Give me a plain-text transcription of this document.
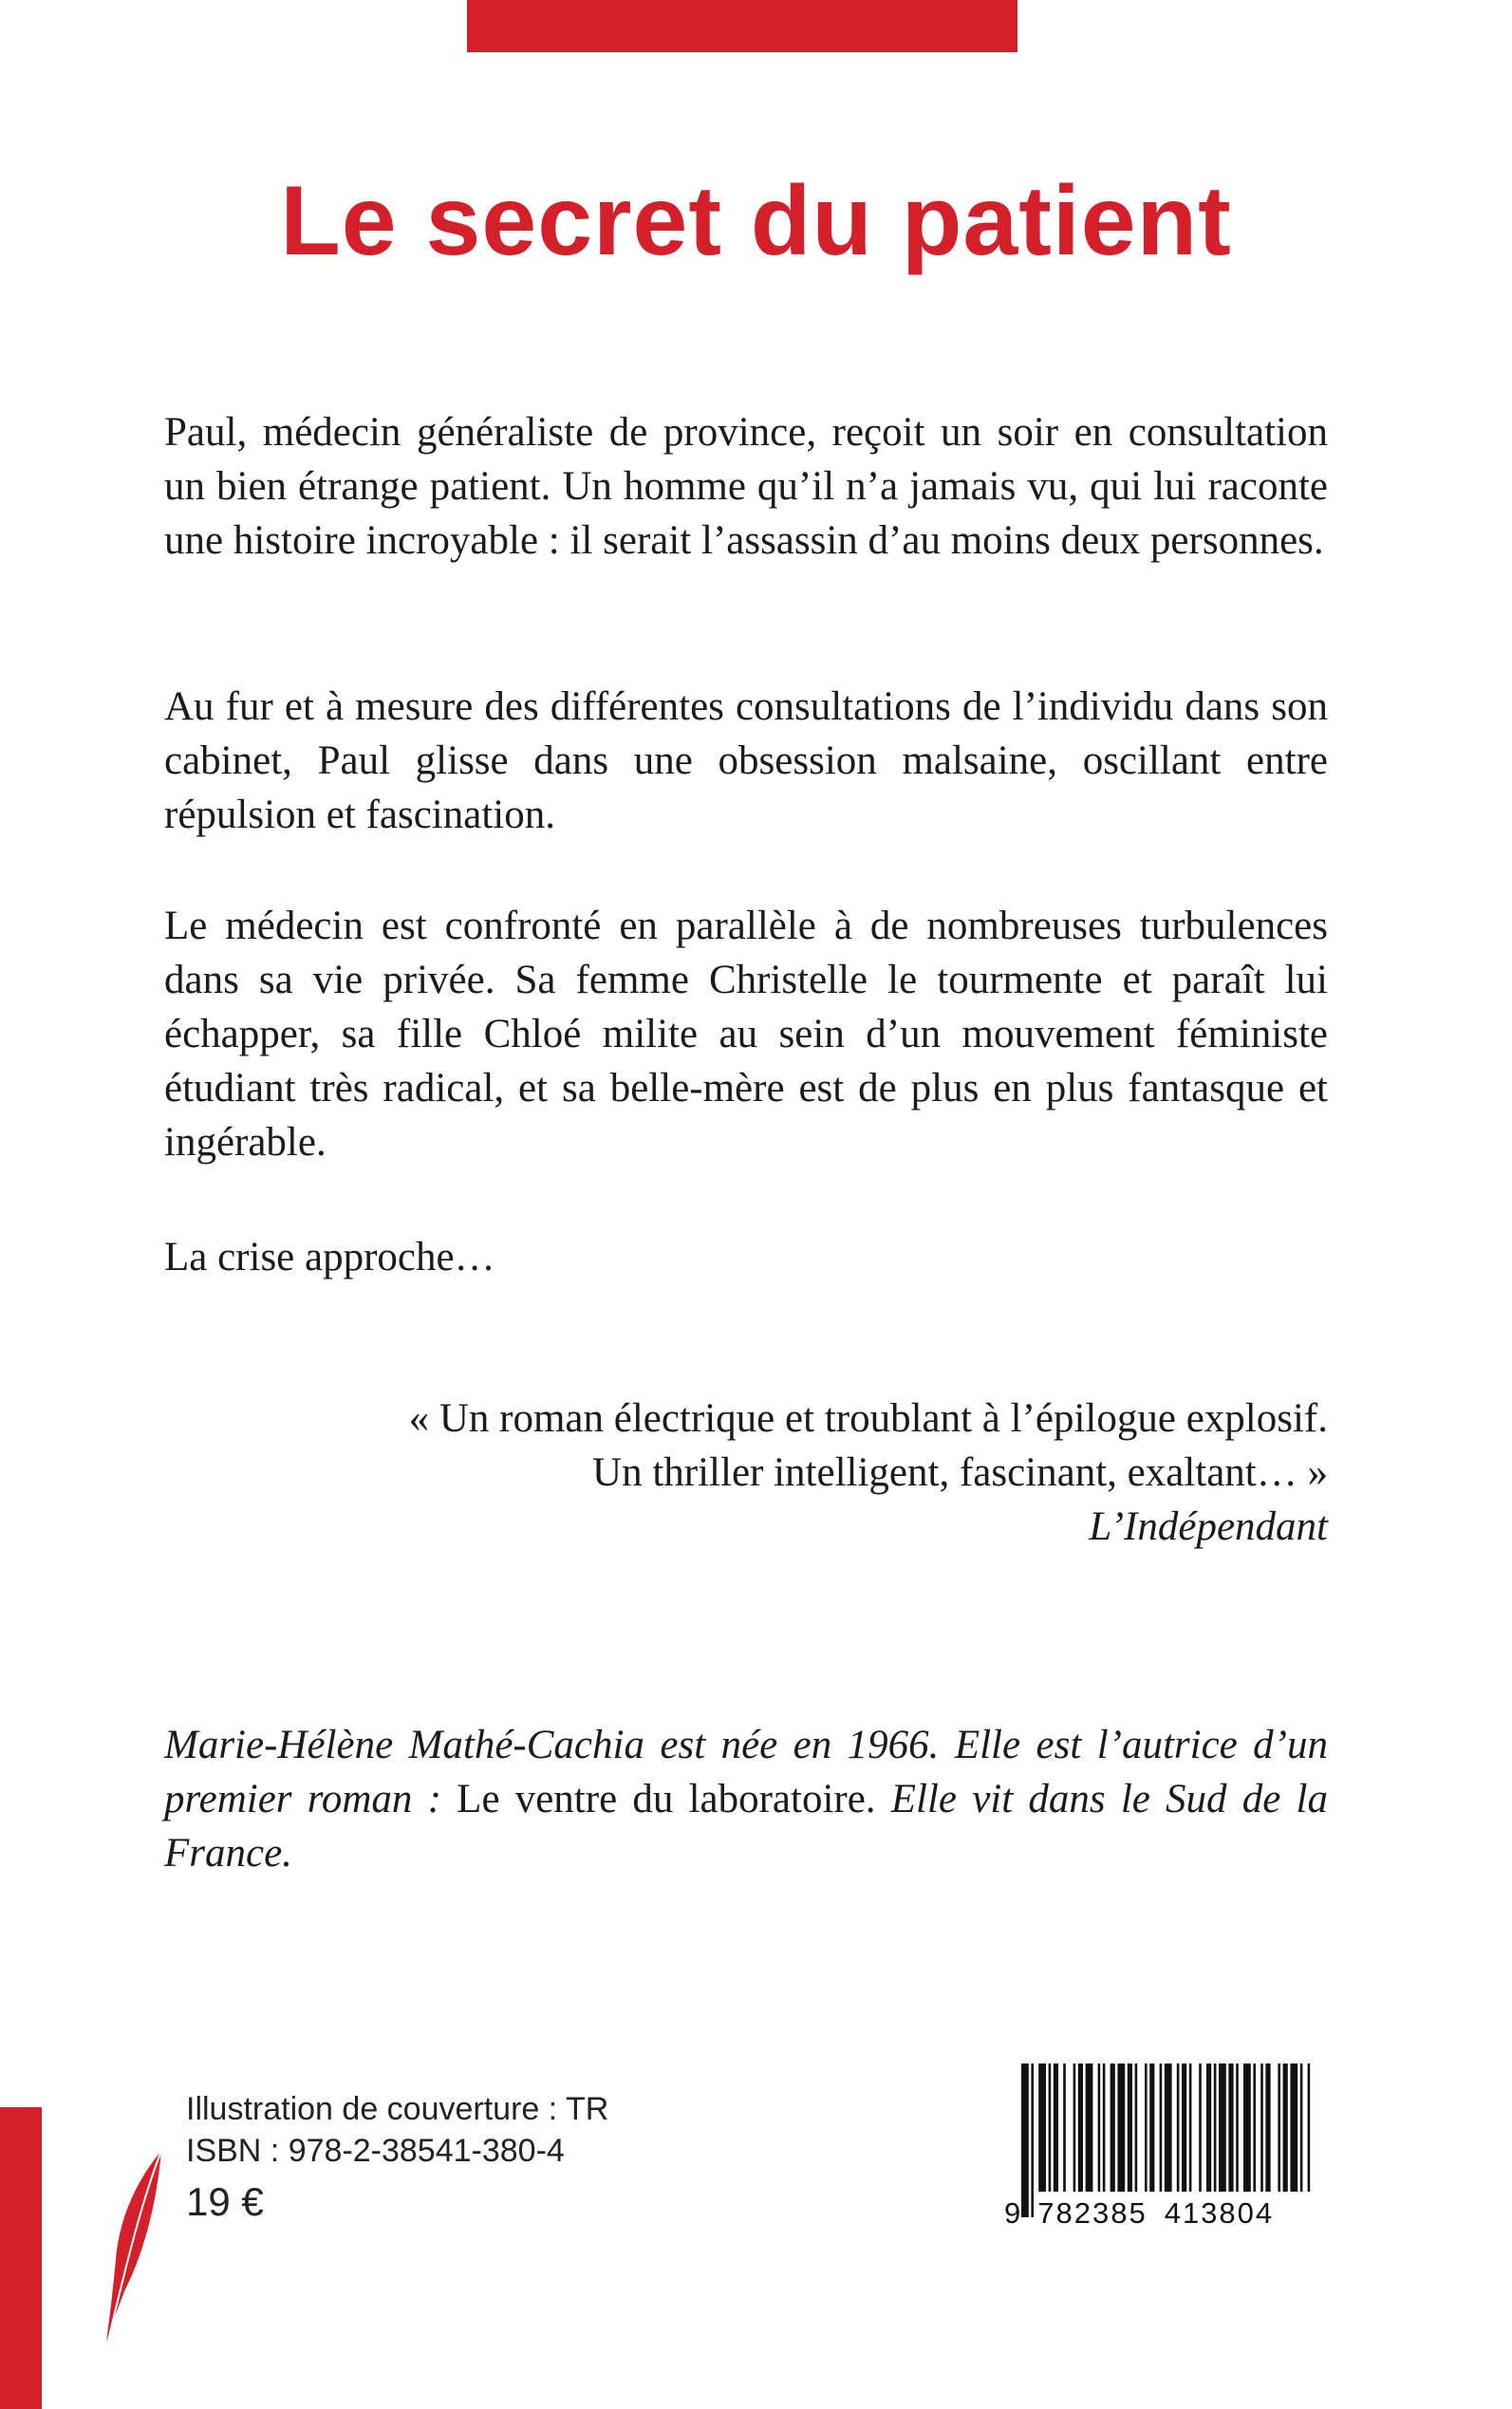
Le secret du patient

Paul, médecin généraliste de province, reçoit un soir en consultation un bien étrange patient. Un homme qu’il n’a jamais vu, qui lui raconte une histoire incroyable : il serait l’assassin d’au moins deux personnes.

Au fur et à mesure des différentes consultations de l’individu dans son cabinet, Paul glisse dans une obsession malsaine, oscillant entre répulsion et fascination.

Le médecin est confronté en parallèle à de nombreuses turbulences dans sa vie privée. Sa femme Christelle le tourmente et paraît lui échapper, sa fille Chloé milite au sein d’un mouvement féministe étudiant très radical, et sa belle-mère est de plus en plus fantasque et ingérable.

La crise approche…

« Un roman électrique et troublant à l’épilogue explosif.
Un thriller intelligent, fascinant, exaltant… »
L’Indépendant

Marie-Hélène Mathé-Cachia est née en 1966. Elle est l’autrice d’un premier roman : Le ventre du laboratoire. Elle vit dans le Sud de la France.

Illustration de couverture : TR
ISBN : 978-2-38541-380-4
19 €	9 782385 413804
